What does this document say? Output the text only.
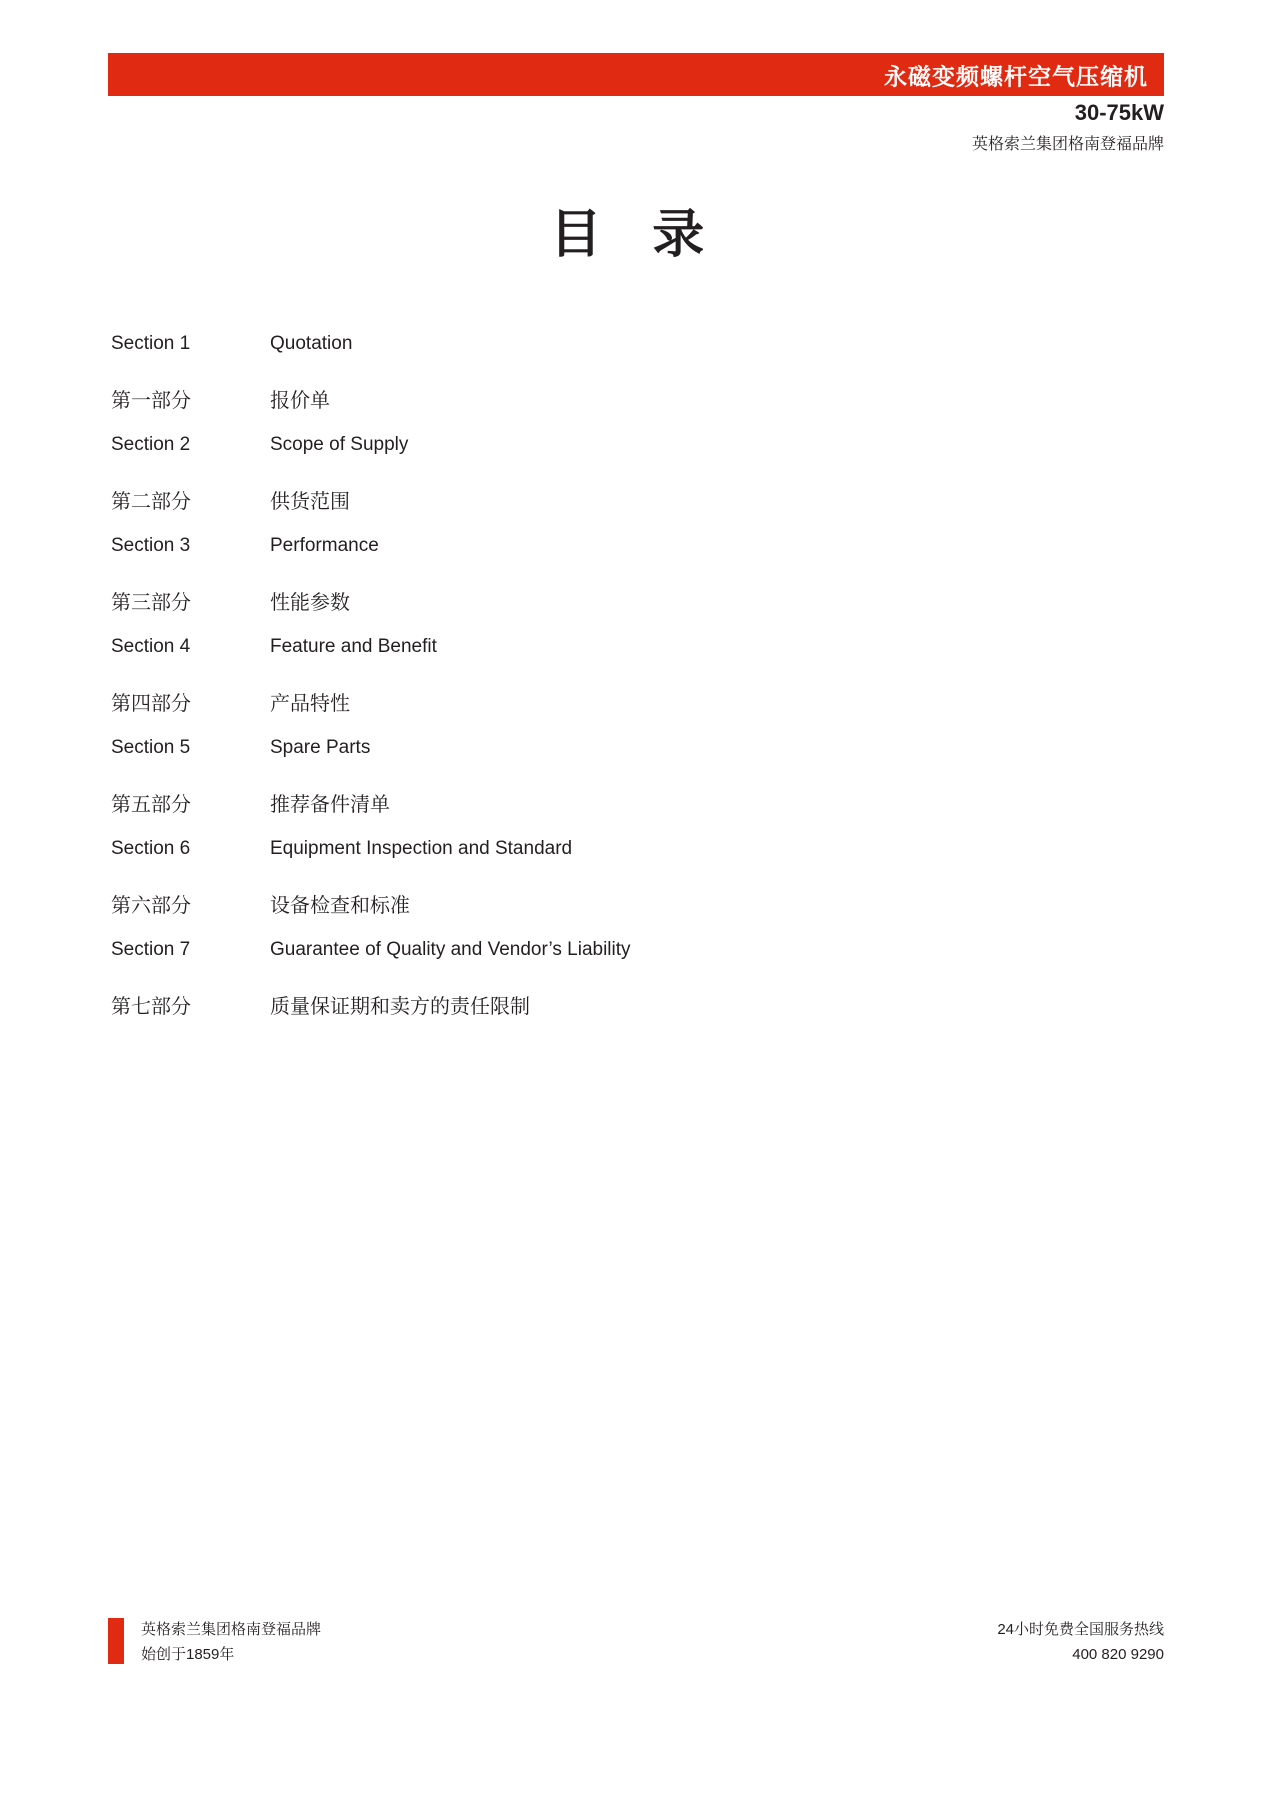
永磁变频螺杆空气压缩机
30-75kW
英格索兰集团格南登福品牌
目 录
Section 1	Quotation
第一部分	报价单
Section 2	Scope of Supply
第二部分	供货范围
Section 3	Performance
第三部分	性能参数
Section 4	Feature and Benefit
第四部分	产品特性
Section 5	Spare Parts
第五部分	推荐备件清单
Section 6	Equipment Inspection and Standard
第六部分	设备检查和标准
Section 7	Guarantee of Quality and Vendor’s Liability
第七部分	质量保证期和卖方的责任限制
英格索兰集团格南登福品牌
始创于1859年
24小时免费全国服务热线
400 820 9290
